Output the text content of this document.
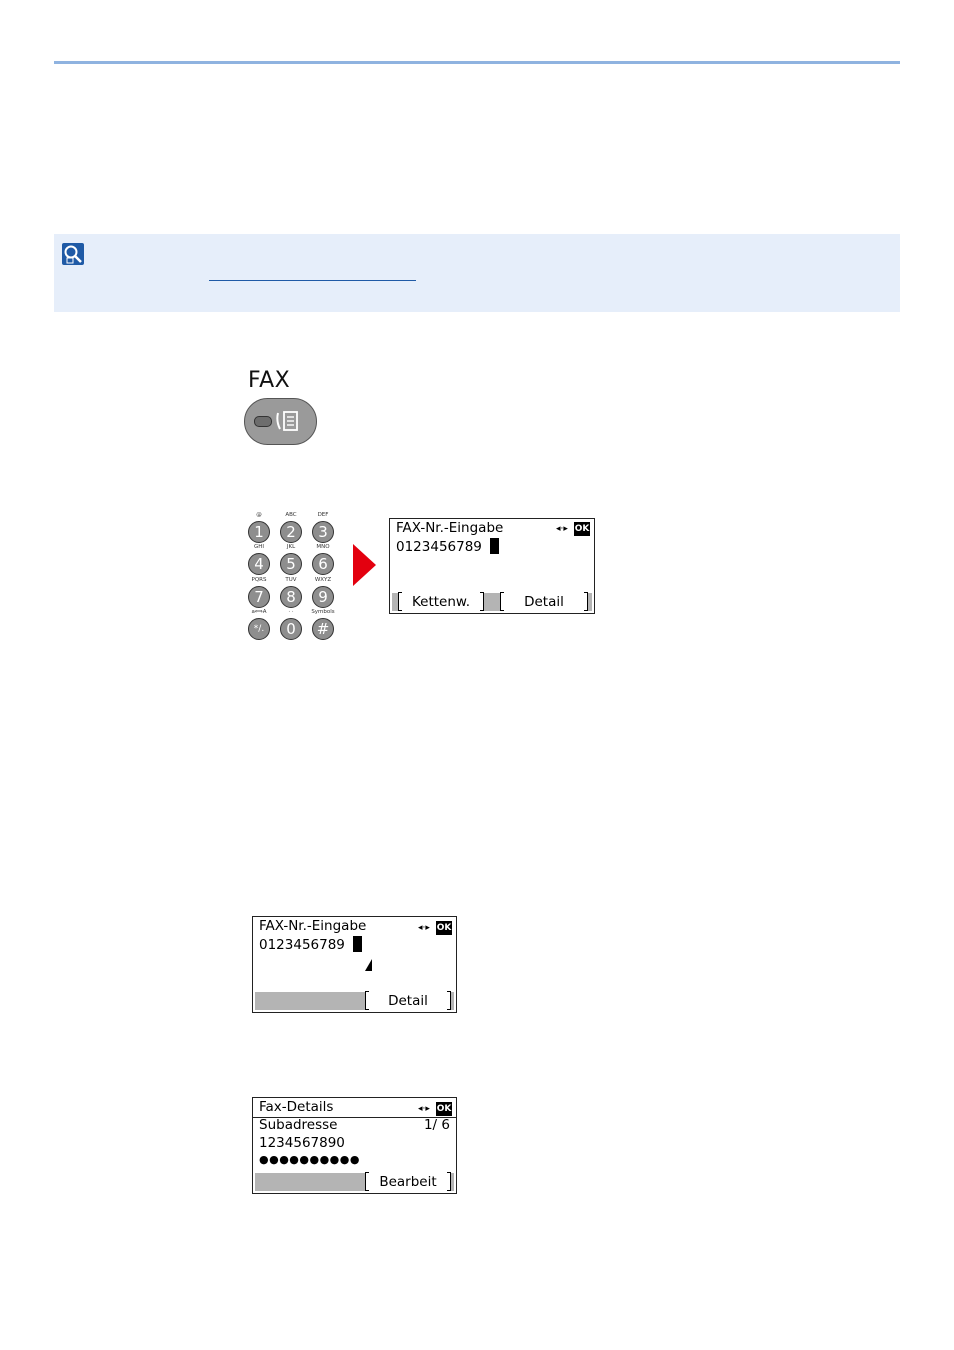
FAX
@
1
ABC
2
DEF
3
GHI
4
JKL
5
MNO
6
PQRS
7
TUV
8
WXYZ
9
a⟺A
*/.
· ·
0
Symbols
#
FAX-Nr.-Eingabe	◂·▸ OK
0123456789
Kettenw.	Detail
FAX-Nr.-Eingabe	◂·▸ OK
0123456789
Detail
Fax-Details	◂·▸ OK
Subadresse	1/ 6
1234567890
●●●●●●●●●●
Bearbeit
